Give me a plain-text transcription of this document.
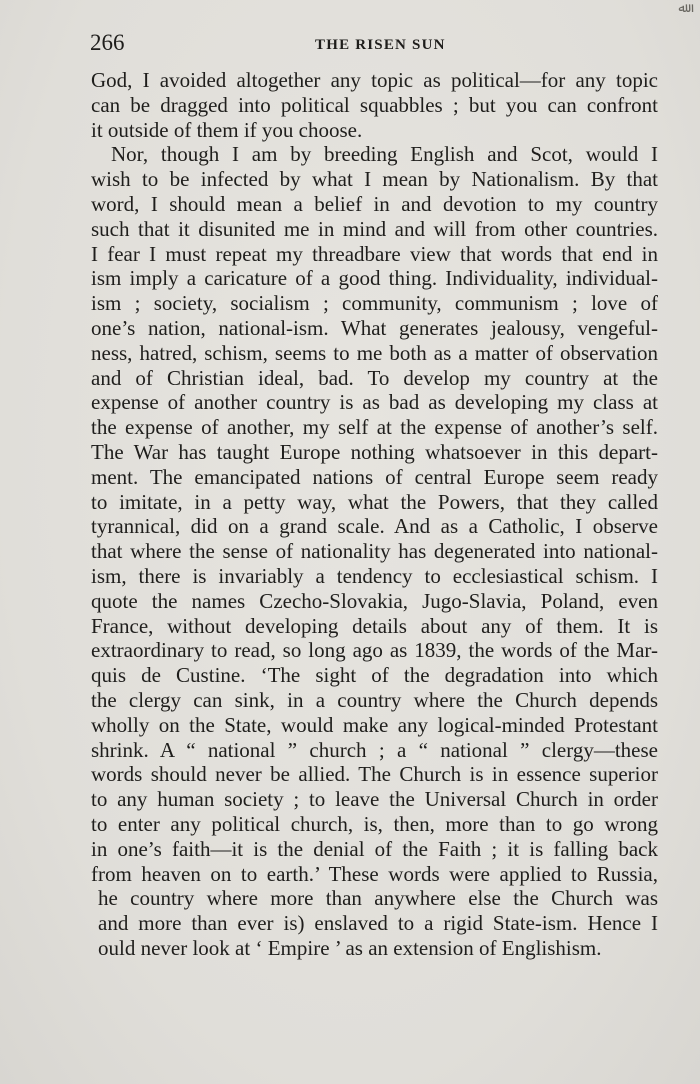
266	THE RISEN SUN
ﷲ
God, I avoided altogether any topic as political—for any topic
can be dragged into political squabbles ; but you can confront
it outside of them if you choose.
Nor, though I am by breeding English and Scot, would I
wish to be infected by what I mean by Nationalism. By that
word, I should mean a belief in and devotion to my country
such that it disunited me in mind and will from other countries.
I fear I must repeat my threadbare view that words that end in
ism imply a caricature of a good thing. Individuality, individual-
ism ; society, socialism ; community, communism ; love of
one’s nation, national-ism. What generates jealousy, vengeful-
ness, hatred, schism, seems to me both as a matter of observation
and of Christian ideal, bad. To develop my country at the
expense of another country is as bad as developing my class at
the expense of another, my self at the expense of another’s self.
The War has taught Europe nothing whatsoever in this depart-
ment. The emancipated nations of central Europe seem ready
to imitate, in a petty way, what the Powers, that they called
tyrannical, did on a grand scale. And as a Catholic, I observe
that where the sense of nationality has degenerated into national-
ism, there is invariably a tendency to ecclesiastical schism. I
quote the names Czecho-Slovakia, Jugo-Slavia, Poland, even
France, without developing details about any of them. It is
extraordinary to read, so long ago as 1839, the words of the Mar-
quis de Custine. ‘The sight of the degradation into which
the clergy can sink, in a country where the Church depends
wholly on the State, would make any logical-minded Protestant
shrink. A “ national ” church ; a “ national ” clergy—these
words should never be allied. The Church is in essence superior
to any human society ; to leave the Universal Church in order
to enter any political church, is, then, more than to go wrong
in one’s faith—it is the denial of the Faith ; it is falling back
from heaven on to earth.’ These words were applied to Russia,
he country where more than anywhere else the Church was
and more than ever is) enslaved to a rigid State-ism. Hence I
ould never look at ‘ Empire ’ as an extension of Englishism.
